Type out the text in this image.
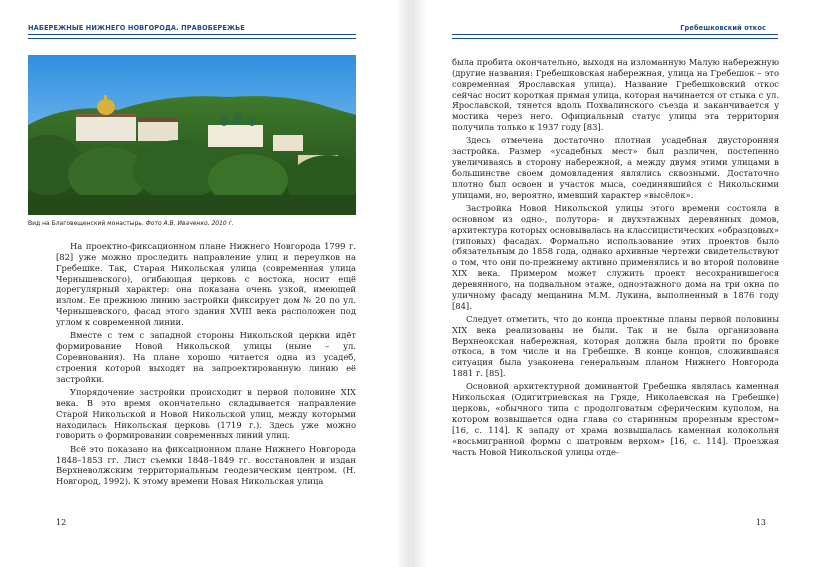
НАБЕРЕЖНЫЕ НИЖНЕГО НОВГОРОДА. ПРАВОБЕРЕЖЬЕ
Вид на Благовещенский монастырь. Фото А.В. Иваченко, 2010 г.

На проектно-фиксационном плане Нижнего Новгорода 1799 г. [82] уже можно проследить направление улиц и переулков на Гребешке. Так, Старая Никольская улица (современная улица Чернышевского), огибающая церковь с востока, носит ещё дорегулярный характер: она показана очень узкой, имеющей излом. Ее прежнюю линию застройки фиксирует дом № 20 по ул. Чернышевского, фасад этого здания XVIII века расположен под углом к современной линии.

Вместе с тем с западной стороны Никольской церкви идёт формирование Новой Никольской улицы (ныне – ул. Соревнования). На плане хорошо читается одна из усадеб, строения которой выходят на запроектированную линию её застройки.

Упорядочение застройки происходит в первой половине XIX века. В это время окончательно складывается направление Старой Никольской и Новой Никольской улиц, между которыми находилась Никольская церковь (1719 г.). Здесь уже можно говорить о формировании современных линий улиц.

Всё это показано на фиксационном плане Нижнего Новгорода 1848–1853 гг. Лист съемки 1848–1849 гг. восстановлен и издан Верхневолжским территориальным геодезическим центром. (Н. Новгород, 1992). К этому времени Новая Никольская улица

12
Гребешковский откос

была пробита окончательно, выходя на изломанную Малую набережную (другие названия: Гребешковская набережная, улица на Гребешок – это современная Ярославская улица). Название Гребешковский откос сейчас носит короткая прямая улица, которая начинается от стыка с ул. Ярославской, тянется вдоль Похвалинского съезда и заканчивается у мостика через него. Официальный статус улицы эта территория получила только к 1937 году [83].

Здесь отмечена достаточно плотная усадебная двусторонняя застройка. Размер «усадебных мест» был различен, постепенно увеличиваясь в сторону набережной, а между двумя этими улицами в большинстве своем домовладения являлись сквозными. Достаточно плотно был освоен и участок мыса, соединявшийся с Никольскими улицами, но, вероятно, имевший характер «высёлок».

Застройка Новой Никольской улицы этого времени состояла в основном из одно-, полутора- и двухэтажных деревянных домов, архитектура которых основывалась на классицистических «образцовых» (типовых) фасадах. Формально использование этих проектов было обязательным до 1858 года, однако архивные чертежи свидетельствуют о том, что они по-прежнему активно применялись и во второй половине XIX века. Примером может служить проект несохранившегося деревянного, на подвальном этаже, одноэтажного дома на три окна по уличному фасаду мещанина М.М. Лукина, выполненный в 1876 году [84].

Следует отметить, что до конца проектные планы первой половины XIX века реализованы не были. Так и не была организована Верхнеокская набережная, которая должна была пройти по бровке откоса, в том числе и на Гребешке. В конце концов, сложившаяся ситуация была узаконена генеральным планом Нижнего Новгорода 1881 г. [85].

Основной архитектурной доминантой Гребешка являлась каменная Никольская (Одигитриевская на Гряде, Николаевская на Гребешке) церковь, «обычного типа с продолговатым сферическим куполом, на котором возвышается одна глава со старинным прорезным крестом» [16, с. 114]. К западу от храма возвышалась каменная колокольня «восьмигранной формы с шатровым верхом» [16, с. 114]. Проезжая часть Новой Никольской улицы отде-

13
